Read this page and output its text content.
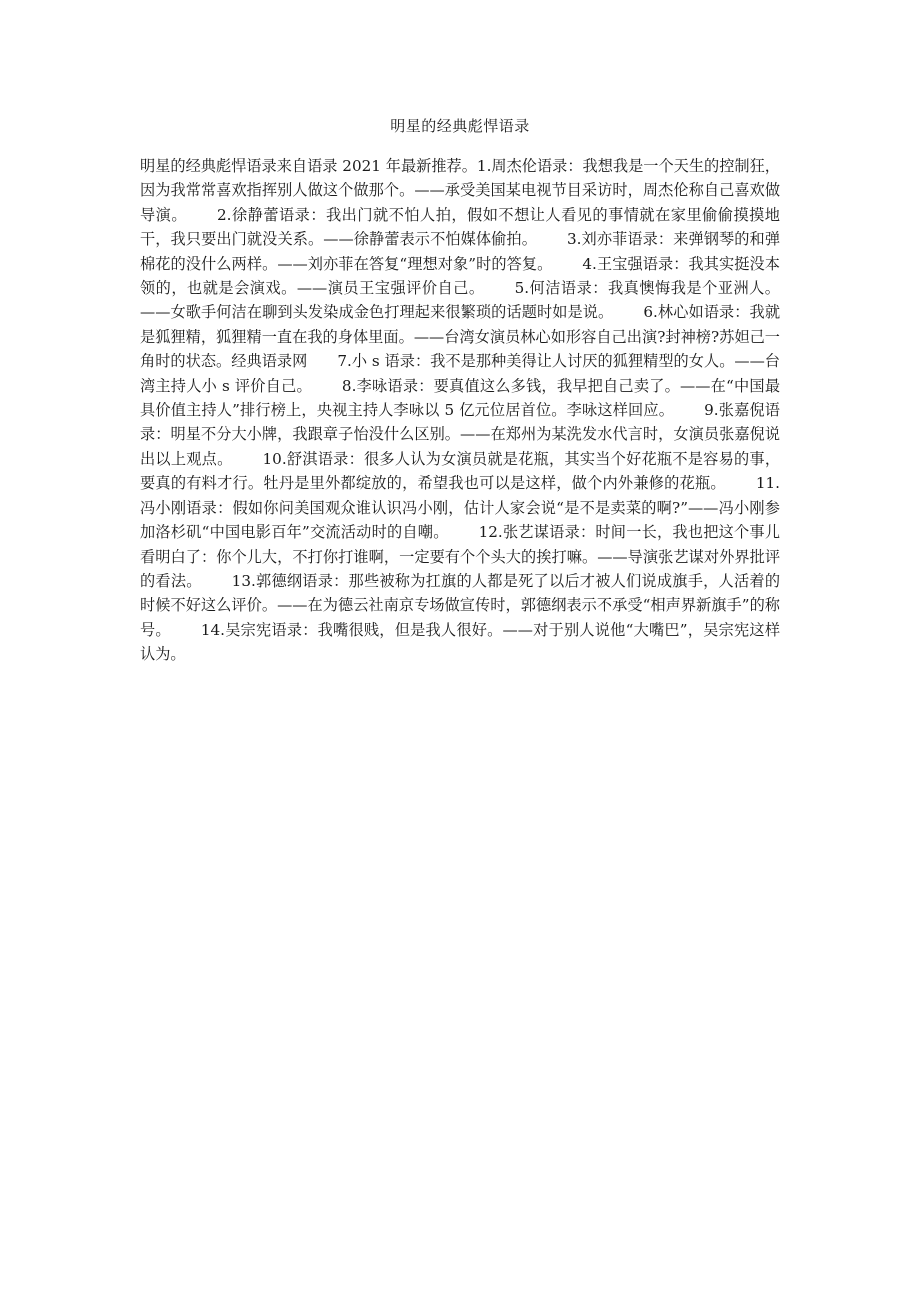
明星的经典彪悍语录

明星的经典彪悍语录来自语录 2021 年最新推荐。1.周杰伦语录：我想我是一个天生的控制狂，因为我常常喜欢指挥别人做这个做那个。——承受美国某电视节目采访时，周杰伦称自己喜欢做导演。 2.徐静蕾语录：我出门就不怕人拍，假如不想让人看见的事情就在家里偷偷摸摸地干，我只要出门就没关系。——徐静蕾表示不怕媒体偷拍。 3.刘亦菲语录：来弹钢琴的和弹棉花的没什么两样。——刘亦菲在答复“理想对象”时的答复。 4.王宝强语录：我其实挺没本领的，也就是会演戏。——演员王宝强评价自己。 5.何洁语录：我真懊悔我是个亚洲人。——女歌手何洁在聊到头发染成金色打理起来很繁琐的话题时如是说。 6.林心如语录：我就是狐狸精，狐狸精一直在我的身体里面。——台湾女演员林心如形容自己出演?封神榜?苏妲己一角时的状态。经典语录网 7.小 s 语录：我不是那种美得让人讨厌的狐狸精型的女人。——台湾主持人小 s 评价自己。 8.李咏语录：要真值这么多钱，我早把自己卖了。——在“中国最具价值主持人”排行榜上，央视主持人李咏以 5 亿元位居首位。李咏这样回应。 9.张嘉倪语录：明星不分大小牌，我跟章子怡没什么区别。——在郑州为某洗发水代言时，女演员张嘉倪说出以上观点。 10.舒淇语录：很多人认为女演员就是花瓶，其实当个好花瓶不是容易的事，要真的有料才行。牡丹是里外都绽放的，希望我也可以是这样，做个内外兼修的花瓶。 11.冯小刚语录：假如你问美国观众谁认识冯小刚，估计人家会说“是不是卖菜的啊?”——冯小刚参加洛杉矶“中国电影百年”交流活动时的自嘲。 12.张艺谋语录：时间一长，我也把这个事儿看明白了：你个儿大，不打你打谁啊，一定要有个个头大的挨打嘛。——导演张艺谋对外界批评的看法。 13.郭德纲语录：那些被称为扛旗的人都是死了以后才被人们说成旗手，人活着的时候不好这么评价。——在为德云社南京专场做宣传时，郭德纲表示不承受“相声界新旗手”的称号。 14.吴宗宪语录：我嘴很贱，但是我人很好。——对于别人说他“大嘴巴”，吴宗宪这样认为。
